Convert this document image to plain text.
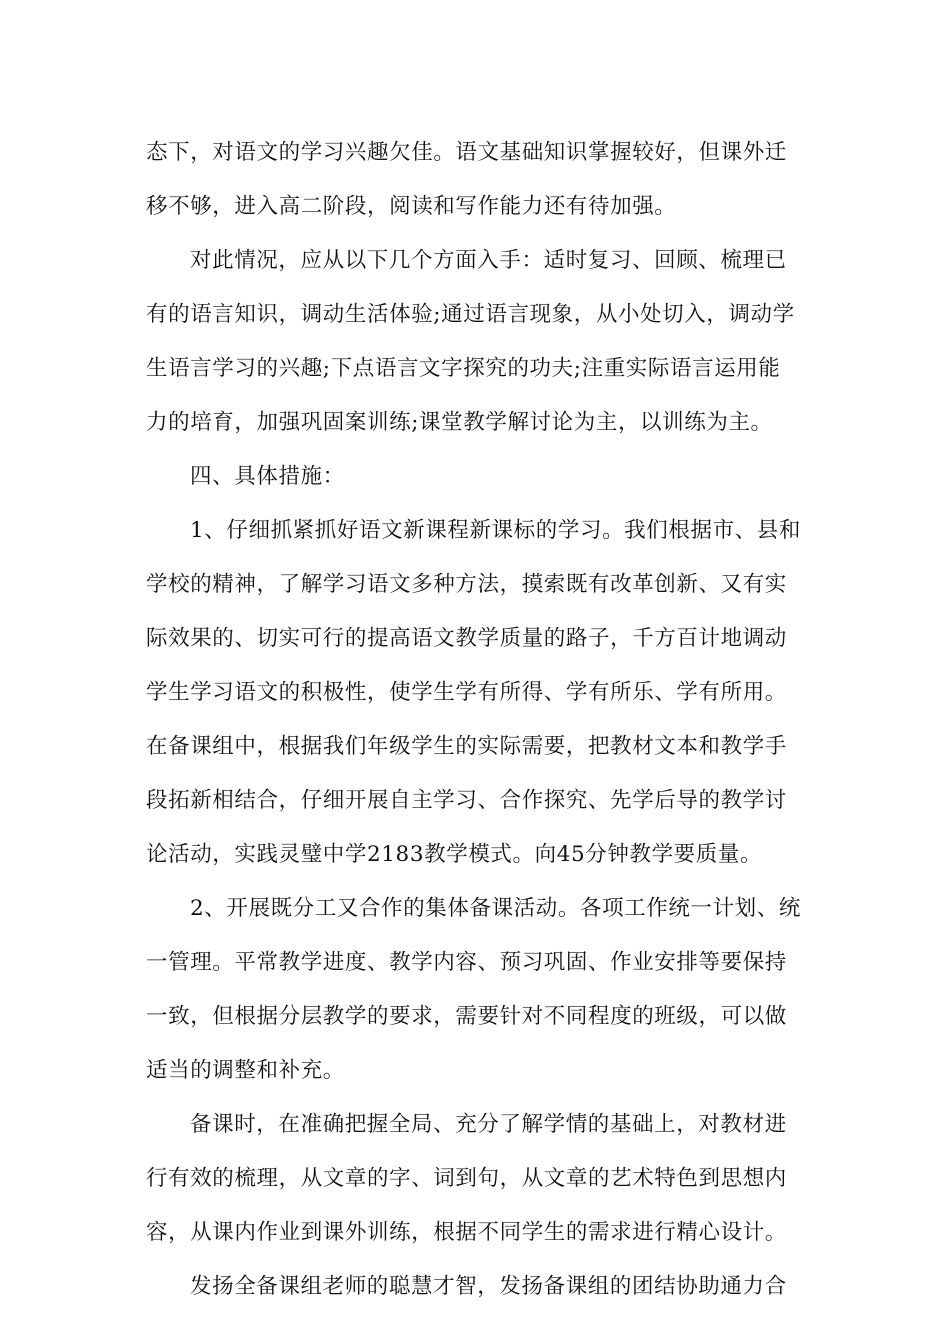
态下，对语文的学习兴趣欠佳。语文基础知识掌握较好，但课外迁
移不够，进入高二阶段，阅读和写作能力还有待加强。
对此情况，应从以下几个方面入手：适时复习、回顾、梳理已
有的语言知识，调动生活体验;通过语言现象，从小处切入，调动学
生语言学习的兴趣;下点语言文字探究的功夫;注重实际语言运用能
力的培育，加强巩固案训练;课堂教学解讨论为主，以训练为主。
四、具体措施：
1、仔细抓紧抓好语文新课程新课标的学习。我们根据市、县和
学校的精神，了解学习语文多种方法，摸索既有改革创新、又有实
际效果的、切实可行的提高语文教学质量的路子，千方百计地调动
学生学习语文的积极性，使学生学有所得、学有所乐、学有所用。
在备课组中，根据我们年级学生的实际需要，把教材文本和教学手
段拓新相结合，仔细开展自主学习、合作探究、先学后导的教学讨
论活动，实践灵璧中学2183教学模式。向45分钟教学要质量。
2、开展既分工又合作的集体备课活动。各项工作统一计划、统
一管理。平常教学进度、教学内容、预习巩固、作业安排等要保持
一致，但根据分层教学的要求，需要针对不同程度的班级，可以做
适当的调整和补充。
备课时，在准确把握全局、充分了解学情的基础上，对教材进
行有效的梳理，从文章的字、词到句，从文章的艺术特色到思想内
容，从课内作业到课外训练，根据不同学生的需求进行精心设计。
发扬全备课组老师的聪慧才智，发扬备课组的团结协助通力合
